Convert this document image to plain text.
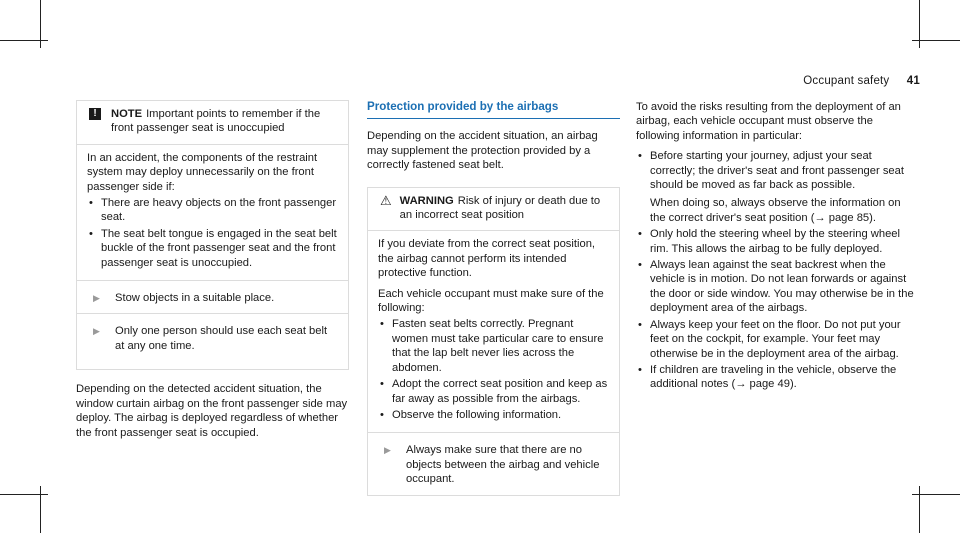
Occupant safety 41
!	NOTE Important points to remember if the front passenger seat is unoccupied
In an accident, the components of the restraint system may deploy unnecessarily on the front passenger side if:
• There are heavy objects on the front passenger seat.
• The seat belt tongue is engaged in the seat belt buckle of the front passenger seat and the front passenger seat is unoccupied.
▶	Stow objects in a suitable place.
▶	Only one person should use each seat belt at any one time.

Depending on the detected accident situation, the window curtain airbag on the front passenger side may deploy. The airbag is deployed regardless of whether the front passenger seat is occupied.

Protection provided by the airbags

Depending on the accident situation, an airbag may supplement the protection provided by a correctly fastened seat belt.

⚠ WARNING Risk of injury or death due to an incorrect seat position

If you deviate from the correct seat position, the airbag cannot perform its intended protective function.

Each vehicle occupant must make sure of the following:
• Fasten seat belts correctly. Pregnant women must take particular care to ensure that the lap belt never lies across the abdomen.
• Adopt the correct seat position and keep as far away as possible from the airbags.
• Observe the following information.
▶	Always make sure that there are no objects between the airbag and vehicle occupant.

To avoid the risks resulting from the deployment of an airbag, each vehicle occupant must observe the following information in particular:

• Before starting your journey, adjust your seat correctly; the driver's seat and front passenger seat should be moved as far back as possible.
When doing so, always observe the information on the correct driver's seat position (→ page 85).
• Only hold the steering wheel by the steering wheel rim. This allows the airbag to be fully deployed.
• Always lean against the seat backrest when the vehicle is in motion. Do not lean forwards or against the door or side window. You may otherwise be in the deployment area of the airbags.
• Always keep your feet on the floor. Do not put your feet on the cockpit, for example. Your feet may otherwise be in the deployment area of the airbag.
• If children are traveling in the vehicle, observe the additional notes (→ page 49).
